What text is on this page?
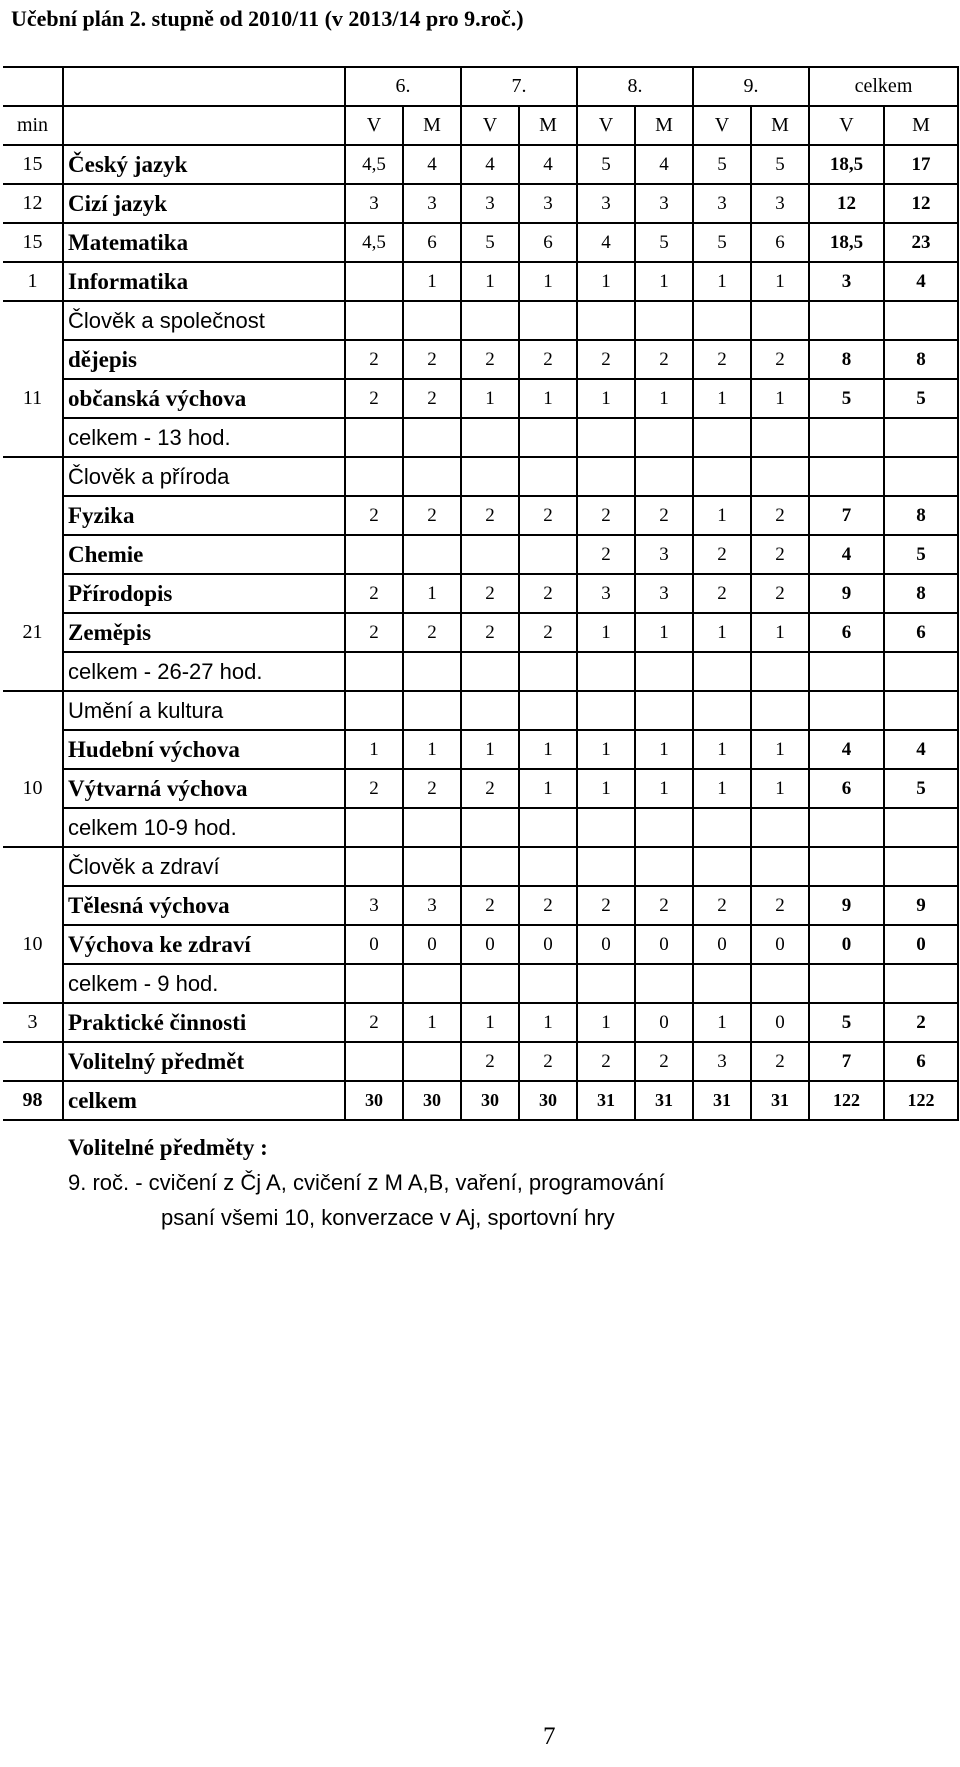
Učební plán 2. stupně od 2010/11 (v 2013/14 pro 9.roč.)
		6.		7.		8.		9.		celkem	
min		V	M	V	M	V	M	V	M	V	M
15	Český jazyk	4,5	4	4	4	5	4	5	5	18,5	17
12	Cizí jazyk	3	3	3	3	3	3	3	3	12	12
15	Matematika	4,5	6	5	6	4	5	5	6	18,5	23
1	Informatika		1	1	1	1	1	1	1	3	4
	Člověk a společnost										
	dějepis	2	2	2	2	2	2	2	2	8	8
11	občanská výchova	2	2	1	1	1	1	1	1	5	5
	celkem - 13 hod.										
	Člověk a příroda										
	Fyzika	2	2	2	2	2	2	1	2	7	8
	Chemie					2	3	2	2	4	5
	Přírodopis	2	1	2	2	3	3	2	2	9	8
21	Zeměpis	2	2	2	2	1	1	1	1	6	6
	celkem - 26-27 hod.										
	Umění a kultura										
	Hudební výchova	1	1	1	1	1	1	1	1	4	4
10	Výtvarná výchova	2	2	2	1	1	1	1	1	6	5
	celkem 10-9 hod.										
	Člověk a zdraví										
	Tělesná výchova	3	3	2	2	2	2	2	2	9	9
10	Výchova ke zdraví	0	0	0	0	0	0	0	0	0	0
	celkem - 9 hod.										
3	Praktické činnosti	2	1	1	1	1	0	1	0	5	2
	Volitelný předmět			2	2	2	2	3	2	7	6
98	celkem	30	30	30	30	31	31	31	31	122	122
Volitelné předměty :
9. roč. - cvičení z Čj A, cvičení z M A,B, vaření, programování
psaní všemi 10, konverzace v Aj, sportovní hry
7
